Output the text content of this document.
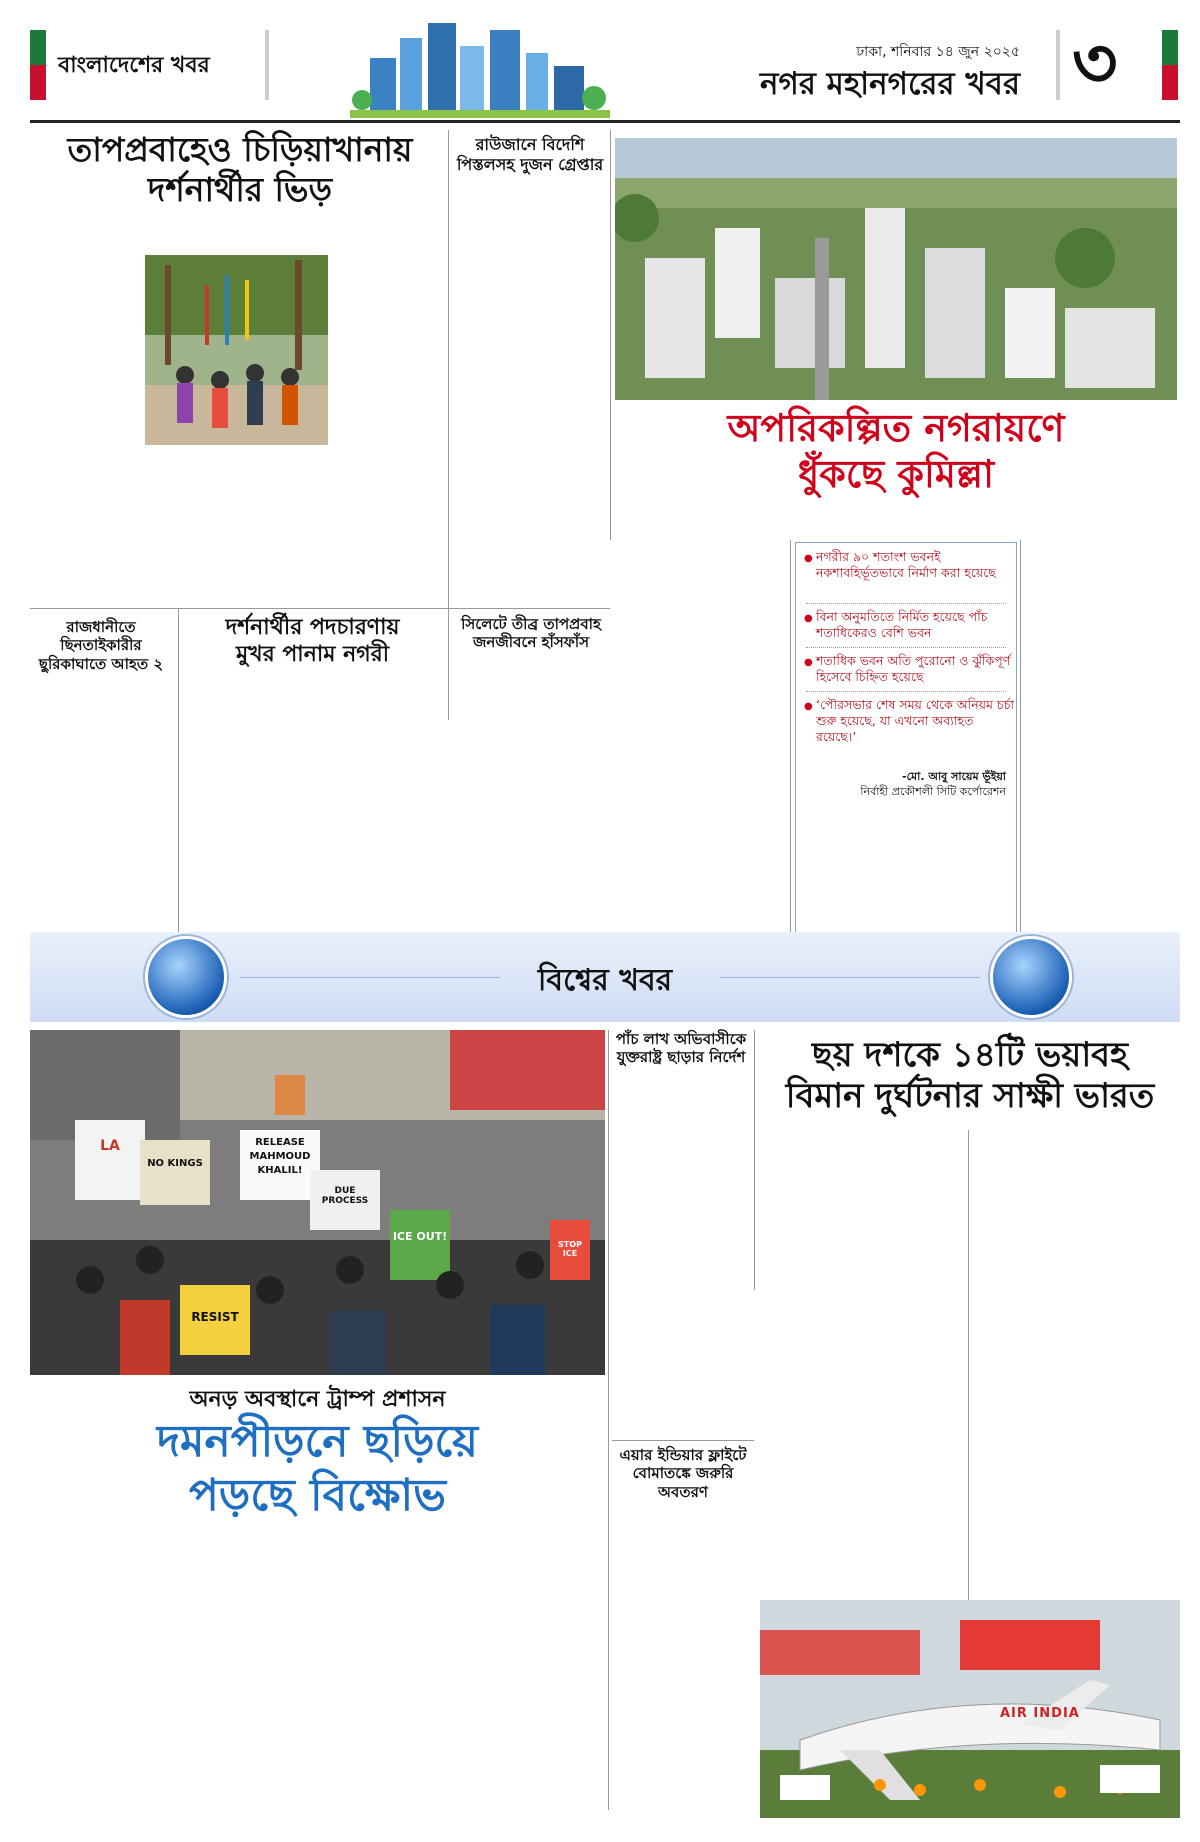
বাংলাদেশের খবর
ঢাকা, শনিবার ১৪ জুন ২০২৫
নগর মহানগরের খবর ৩
তাপপ্রবাহেও চিড়িয়াখানায়
দর্শনার্থীর ভিড়
রাউজানে বিদেশি পিস্তলসহ দুজন গ্রেপ্তার
অপরিকল্পিত নগরায়ণে
ধুঁকছে কুমিল্লা
● নগরীর ৯০ শতাংশ ভবনই নকশাবহির্ভূতভাবে নির্মাণ করা হয়েছে
● বিনা অনুমতিতে নির্মিত হয়েছে পাঁচ শতাধিকেরও বেশি ভবন
● শতাধিক ভবন অতি পুরোনো ও ঝুঁকিপূর্ণ হিসেবে চিহ্নিত হয়েছে
● ‘পৌরসভার শেষ সময় থেকে অনিয়ম চর্চা শুরু হয়েছে, যা এখনো অব্যাহত রয়েছে।’
-মো. আবু সায়েম ভূঁইয়া
নির্বাহী প্রকৌশলী সিটি কর্পোরেশন
রাজধানীতে ছিনতাইকারীর ছুরিকাঘাতে আহত ২
দর্শনার্থীর পদচারণায়
মুখর পানাম নগরী
সিলেটে তীব্র তাপপ্রবাহ জনজীবনে হাঁসফাঁস
বিশ্বের খবর
RELEASE MAHMOUD KHALIL!
ICE OUT!
RESIST
LA
DUE PROCESS
NO KINGS
STOP ICE
অনড় অবস্থানে ট্রাম্প প্রশাসন
দমনপীড়নে ছড়িয়ে
পড়ছে বিক্ষোভ
পাঁচ লাখ অভিবাসীকে যুক্তরাষ্ট্র ছাড়ার নির্দেশ	ছয় দশকে ১৪টি ভয়াবহ
বিমান দুর্ঘটনার সাক্ষী ভারত
এয়ার ইন্ডিয়ার ফ্লাইটে বোমাতঙ্কে জরুরি অবতরণ
AIR INDIA
